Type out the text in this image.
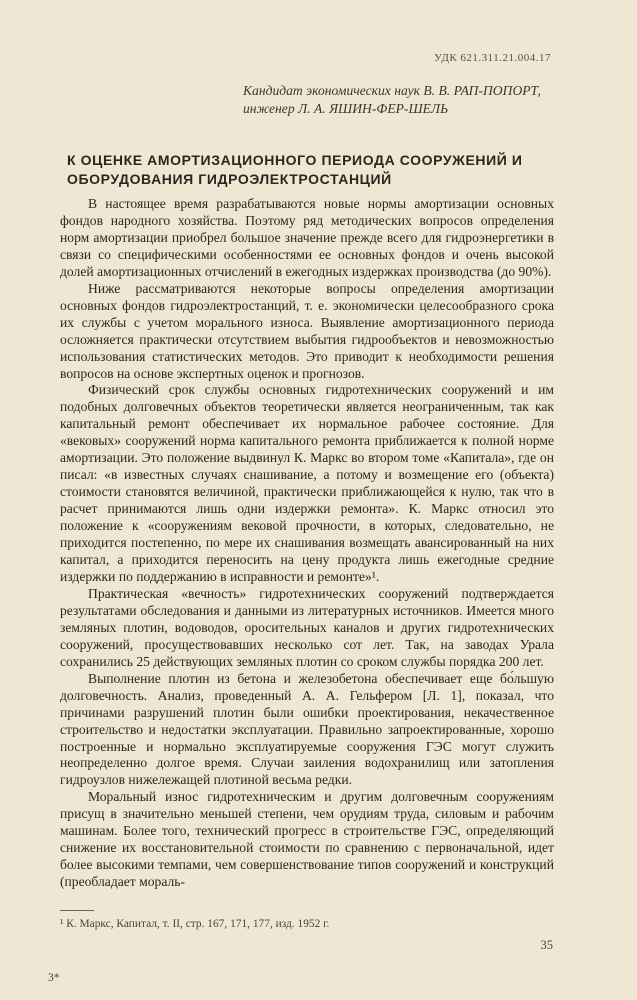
УДК 621.311.21.004.17
Кандидат экономических наук В. В. РАП-ПОПОРТ, инженер Л. А. ЯШИН-ФЕР-ШЕЛЬ
К ОЦЕНКЕ АМОРТИЗАЦИОННОГО ПЕРИОДА СООРУЖЕНИЙ И ОБОРУДОВАНИЯ ГИДРОЭЛЕКТРОСТАНЦИЙ

В настоящее время разрабатываются новые нормы амортизации основных фондов народного хозяйства. Поэтому ряд методических вопросов определения норм амортизации приобрел большое значение прежде всего для гидроэнергетики в связи со специфическими особенностями ее основных фондов и очень высокой долей амортизационных отчислений в ежегодных издержках производства (до 90%).

Ниже рассматриваются некоторые вопросы определения амортизации основных фондов гидроэлектростанций, т. е. экономически целесообразного срока их службы с учетом морального износа. Выявление амортизационного периода осложняется практически отсутствием выбытия гидрообъектов и невозможностью использования статистических методов. Это приводит к необходимости решения вопросов на основе экспертных оценок и прогнозов.

Физический срок службы основных гидротехнических сооружений и им подобных долговечных объектов теоретически является неограниченным, так как капитальный ремонт обеспечивает их нормальное рабочее состояние. Для «вековых» сооружений норма капитального ремонта приближается к полной норме амортизации. Это положение выдвинул К. Маркс во втором томе «Капитала», где он писал: «в известных случаях снашивание, а потому и возмещение его (объекта) стоимости становятся величиной, практически приближающейся к нулю, так что в расчет принимаются лишь одни издержки ремонта». К. Маркс относил это положение к «сооружениям вековой прочности, в которых, следовательно, не приходится постепенно, по мере их снашивания возмещать авансированный на них капитал, а приходится переносить на цену продукта лишь ежегодные средние издержки по поддержанию в исправности и ремонте»¹.

Практическая «вечность» гидротехнических сооружений подтверждается результатами обследования и данными из литературных источников. Имеется много земляных плотин, водоводов, оросительных каналов и других гидротехнических сооружений, просуществовавших несколько сот лет. Так, на заводах Урала сохранились 25 действующих земляных плотин со сроком службы порядка 200 лет.

Выполнение плотин из бетона и железобетона обеспечивает еще бо́льшую долговечность. Анализ, проведенный А. А. Гельфером [Л. 1], показал, что причинами разрушений плотин были ошибки проектирования, некачественное строительство и недостатки эксплуатации. Правильно запроектированные, хорошо построенные и нормально эксплуатируемые сооружения ГЭС могут служить неопределенно долгое время. Случаи заиления водохранилищ или затопления гидроузлов нижележащей плотиной весьма редки.

Моральный износ гидротехническим и другим долговечным сооружениям присущ в значительно меньшей степени, чем орудиям труда, силовым и рабочим машинам. Более того, технический прогресс в строительстве ГЭС, определяющий снижение их восстановительной стоимости по сравнению с первоначальной, идет более высокими темпами, чем совершенствование типов сооружений и конструкций (преобладает мораль-

¹ К. Маркс, Капитал, т. II, стр. 167, 171, 177, изд. 1952 г.
3*
35
